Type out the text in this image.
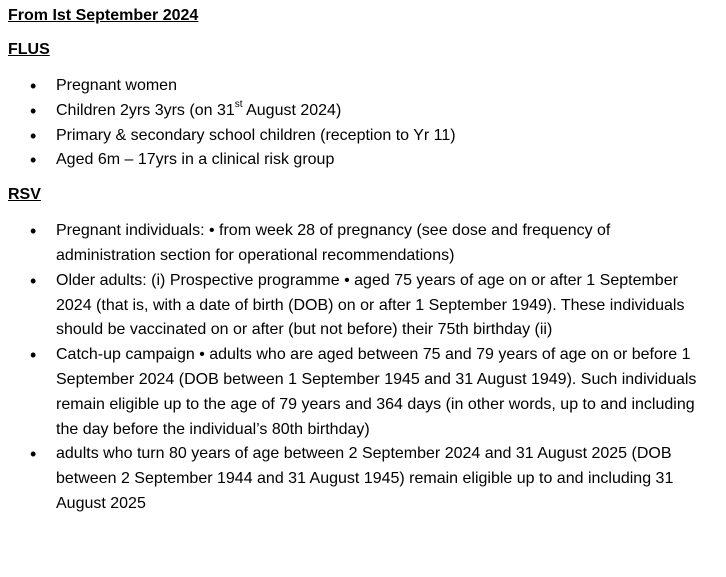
From Ist September 2024

FLUS

• Pregnant women
• Children 2yrs 3yrs (on 31st August 2024)
• Primary & secondary school children (reception to Yr 11)
• Aged 6m – 17yrs in a clinical risk group

RSV

• Pregnant individuals: • from week 28 of pregnancy (see dose and frequency of administration section for operational recommendations)
• Older adults: (i) Prospective programme • aged 75 years of age on or after 1 September 2024 (that is, with a date of birth (DOB) on or after 1 September 1949). These individuals should be vaccinated on or after (but not before) their 75th birthday (ii)
• Catch-up campaign • adults who are aged between 75 and 79 years of age on or before 1 September 2024 (DOB between 1 September 1945 and 31 August 1949). Such individuals remain eligible up to the age of 79 years and 364 days (in other words, up to and including the day before the individual’s 80th birthday)
• adults who turn 80 years of age between 2 September 2024 and 31 August 2025 (DOB between 2 September 1944 and 31 August 1945) remain eligible up to and including 31 August 2025
